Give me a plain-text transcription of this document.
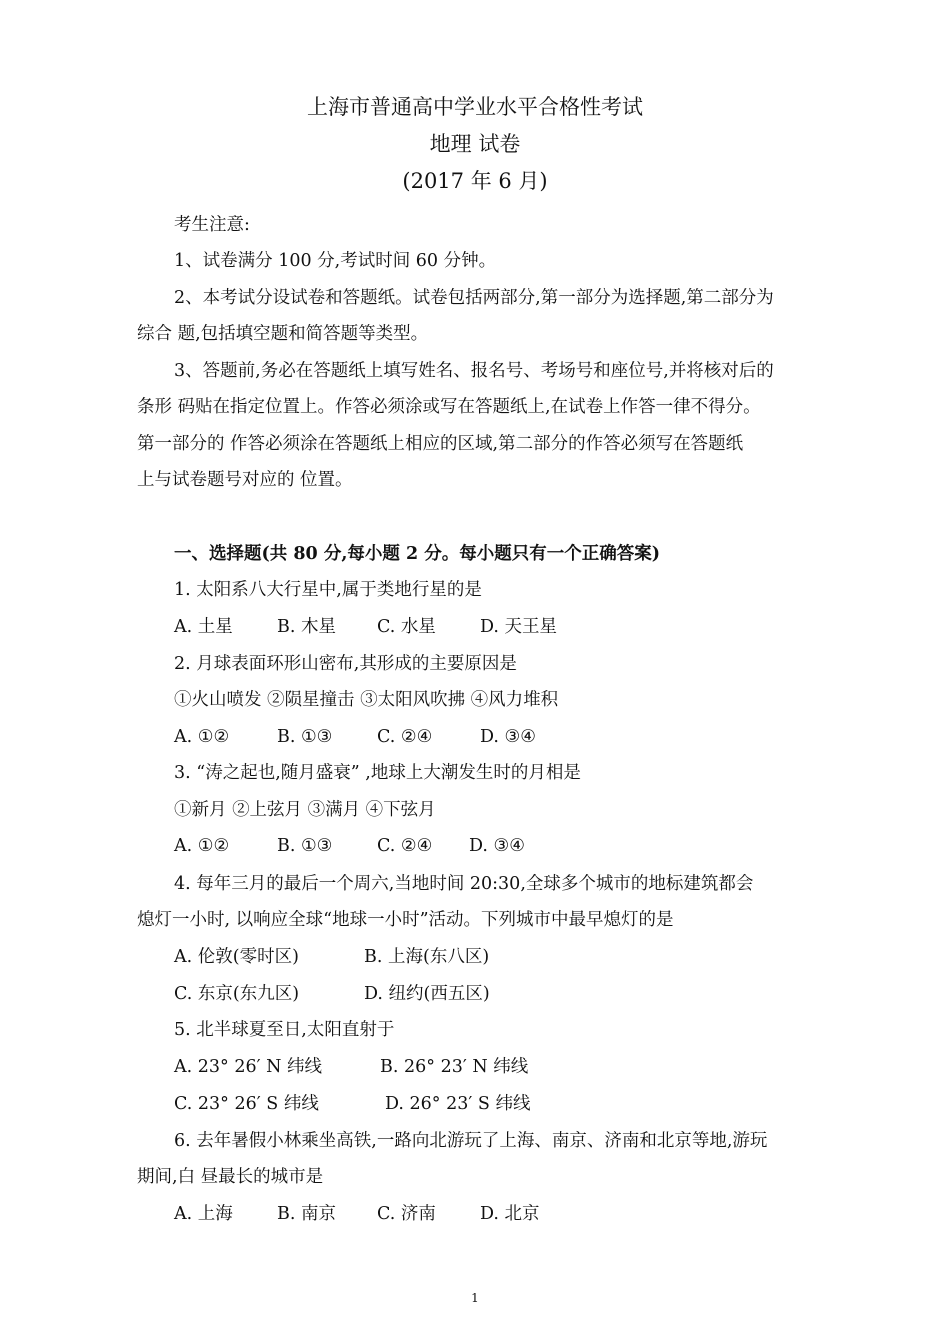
上海市普通高中学业水平合格性考试
地理 试卷
(2017 年 6 月)
考生注意:
1、试卷满分 100 分,考试时间 60 分钟。
2、本考试分设试卷和答题纸。试卷包括两部分,第一部分为选择题,第二部分为
综合 题,包括填空题和简答题等类型。
3、答题前,务必在答题纸上填写姓名、报名号、考场号和座位号,并将核对后的
条形 码贴在指定位置上。作答必须涂或写在答题纸上,在试卷上作答一律不得分。
第一部分的 作答必须涂在答题纸上相应的区域,第二部分的作答必须写在答题纸
上与试卷题号对应的 位置。
一、选择题(共 80 分,每小题 2 分。每小题只有一个正确答案)
1. 太阳系八大行星中,属于类地行星的是
A. 土星	B. 木星 C. 水星	D. 天王星
2. 月球表面环形山密布,其形成的主要原因是
①火山喷发 ②陨星撞击 ③太阳风吹拂 ④风力堆积
A. ①②	B. ①③	C. ②④	D. ③④
3. “涛之起也,随月盛衰” ,地球上大潮发生时的月相是
①新月 ②上弦月 ③满月 ④下弦月
A. ①②	B. ①③	C. ②④ D. ③④
4. 每年三月的最后一个周六,当地时间 20:30,全球多个城市的地标建筑都会
熄灯一小时, 以响应全球“地球一小时”活动。下列城市中最早熄灯的是
A. 伦敦(零时区)	B. 上海(东八区)
C. 东京(东九区)	D. 纽约(西五区)
5. 北半球夏至日,太阳直射于
A. 23° 26′ N 纬线	B. 26° 23′ N 纬线
C. 23° 26′ S 纬线	D. 26° 23′ S 纬线
6. 去年暑假小林乘坐高铁,一路向北游玩了上海、南京、济南和北京等地,游玩
期间,白 昼最长的城市是
A. 上海	B. 南京 C. 济南	D. 北京
1
